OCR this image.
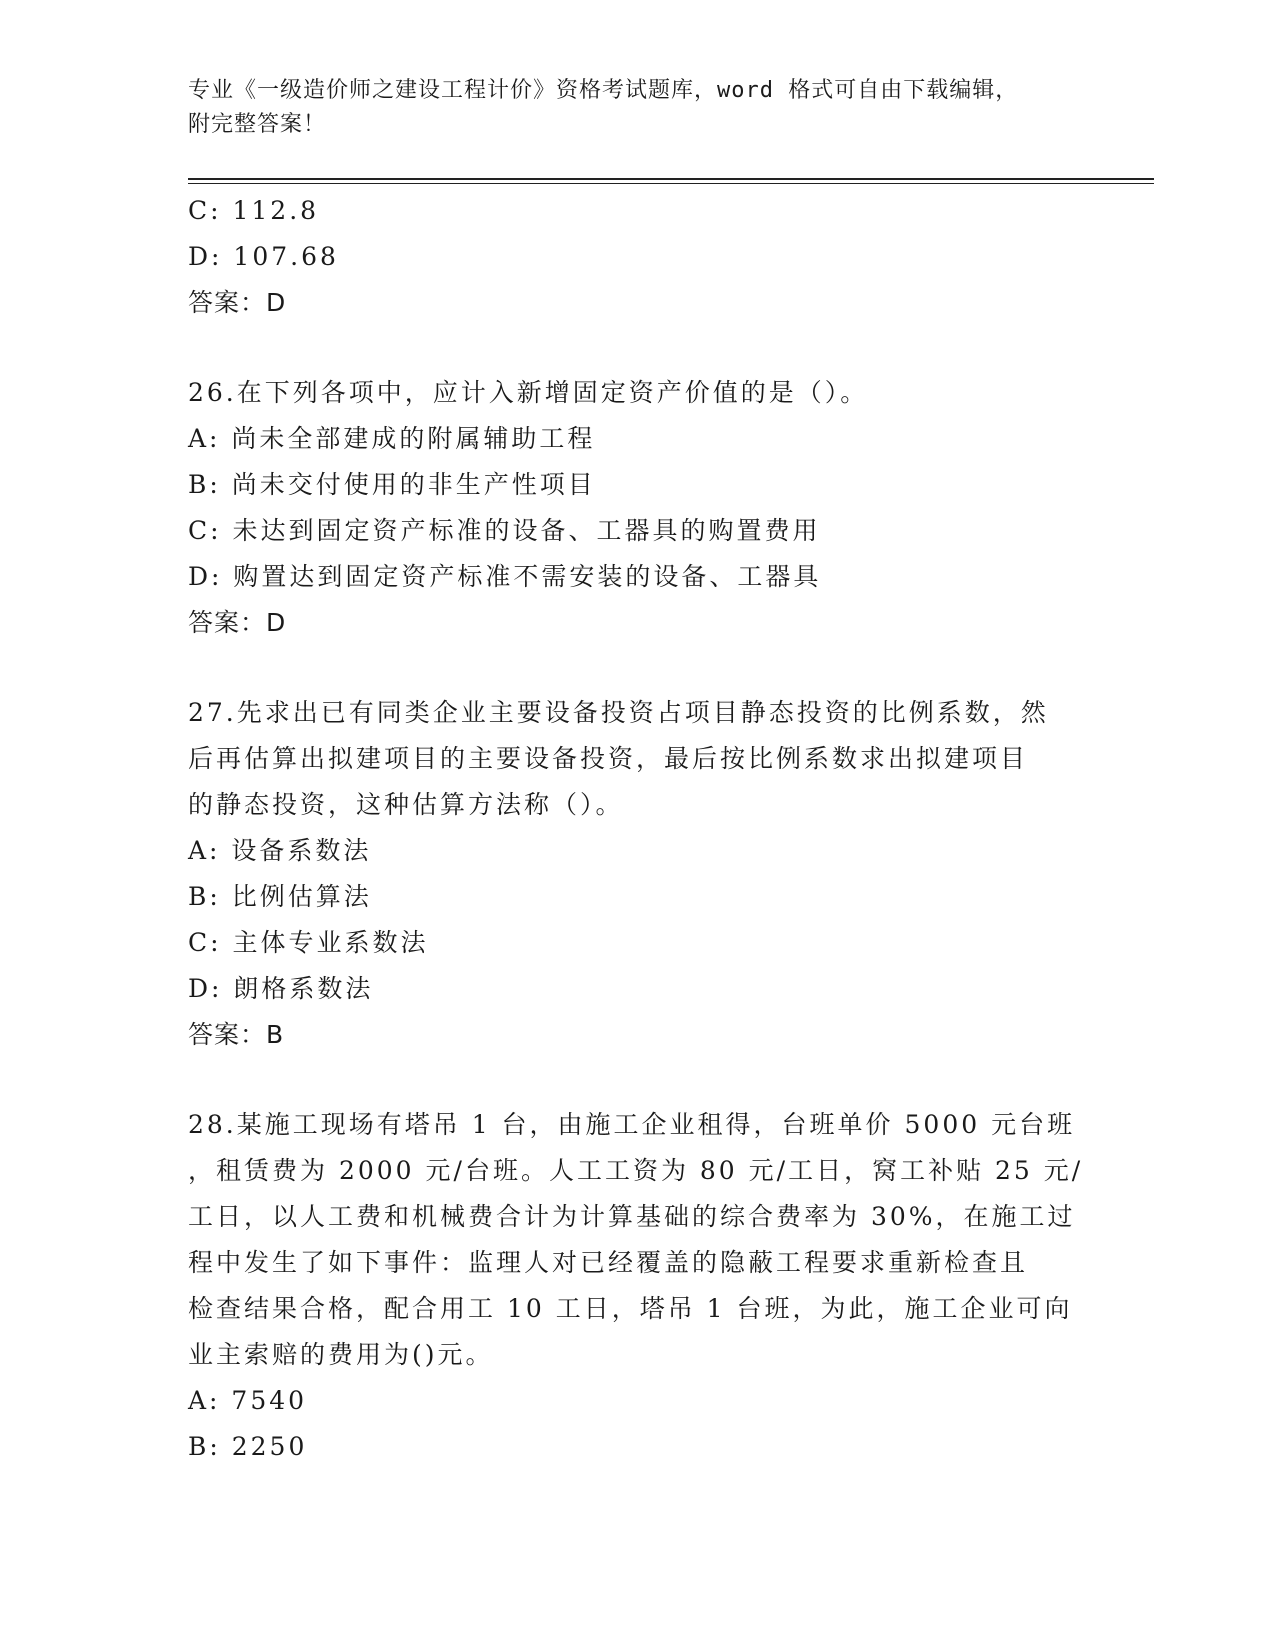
专业《一级造价师之建设工程计价》资格考试题库，word 格式可自由下载编辑，
附完整答案！
C: 112.8
D: 107.68
答案：D
26.在下列各项中，应计入新增固定资产价值的是（）。
A: 尚未全部建成的附属辅助工程
B: 尚未交付使用的非生产性项目
C: 未达到固定资产标准的设备、工器具的购置费用
D: 购置达到固定资产标准不需安装的设备、工器具
答案：D
27.先求出已有同类企业主要设备投资占项目静态投资的比例系数，然
后再估算出拟建项目的主要设备投资，最后按比例系数求出拟建项目
的静态投资，这种估算方法称（）。
A: 设备系数法
B: 比例估算法
C: 主体专业系数法
D: 朗格系数法
答案：B
28.某施工现场有塔吊 1 台，由施工企业租得，台班单价 5000 元台班
，租赁费为 2000 元/台班。人工工资为 80 元/工日，窝工补贴 25 元/
工日，以人工费和机械费合计为计算基础的综合费率为 30%，在施工过
程中发生了如下事件：监理人对已经覆盖的隐蔽工程要求重新检查且
检查结果合格，配合用工 10 工日，塔吊 1 台班，为此，施工企业可向
业主索赔的费用为()元。
A: 7540
B: 2250
